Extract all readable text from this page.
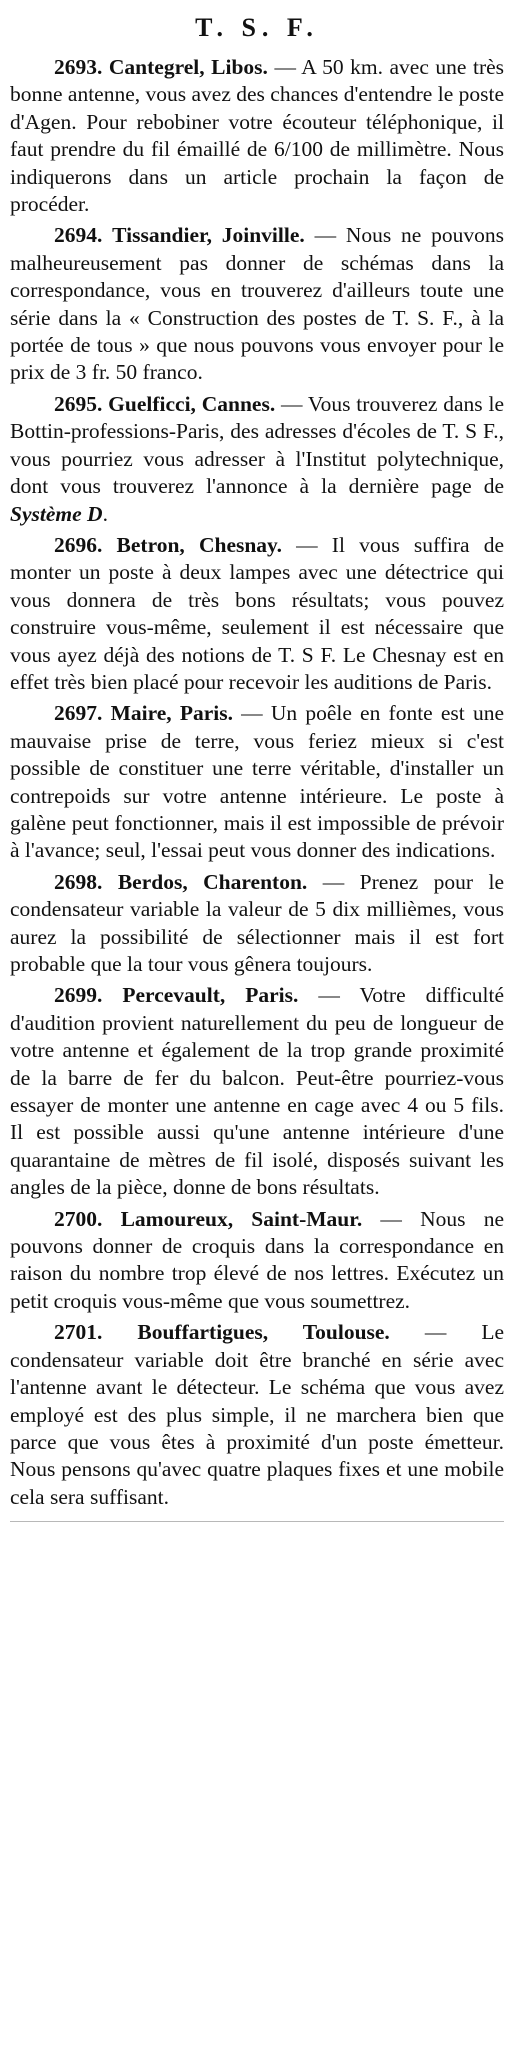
T. S. F.

2693. Cantegrel, Libos. — A 50 km. avec une très bonne antenne, vous avez des chances d'entendre le poste d'Agen. Pour rebobiner votre écouteur téléphonique, il faut prendre du fil émaillé de 6/100 de millimètre. Nous indiquerons dans un article prochain la façon de procéder.

2694. Tissandier, Joinville. — Nous ne pouvons malheureusement pas donner de schémas dans la correspondance, vous en trouverez d'ailleurs toute une série dans la « Construction des postes de T. S. F., à la portée de tous » que nous pouvons vous envoyer pour le prix de 3 fr. 50 franco.

2695. Guelficci, Cannes. — Vous trouverez dans le Bottin-professions-Paris, des adresses d'écoles de T. S F., vous pourriez vous adresser à l'Institut polytechnique, dont vous trouverez l'annonce à la dernière page de Système D.

2696. Betron, Chesnay. — Il vous suffira de monter un poste à deux lampes avec une détectrice qui vous donnera de très bons résultats; vous pouvez construire vous-même, seulement il est nécessaire que vous ayez déjà des notions de T. S F. Le Chesnay est en effet très bien placé pour recevoir les auditions de Paris.

2697. Maire, Paris. — Un poêle en fonte est une mauvaise prise de terre, vous feriez mieux si c'est possible de constituer une terre véritable, d'installer un contrepoids sur votre antenne intérieure. Le poste à galène peut fonctionner, mais il est impossible de prévoir à l'avance; seul, l'essai peut vous donner des indications.

2698. Berdos, Charenton. — Prenez pour le condensateur variable la valeur de 5 dix millièmes, vous aurez la possibilité de sélectionner mais il est fort probable que la tour vous gênera toujours.

2699. Percevault, Paris. — Votre difficulté d'audition provient naturellement du peu de longueur de votre antenne et également de la trop grande proximité de la barre de fer du balcon. Peut-être pourriez-vous essayer de monter une antenne en cage avec 4 ou 5 fils. Il est possible aussi qu'une antenne intérieure d'une quarantaine de mètres de fil isolé, disposés suivant les angles de la pièce, donne de bons résultats.

2700. Lamoureux, Saint-Maur. — Nous ne pouvons donner de croquis dans la correspondance en raison du nombre trop élevé de nos lettres. Exécutez un petit croquis vous-même que vous soumettrez.

2701. Bouffartigues, Toulouse. — Le condensateur variable doit être branché en série avec l'antenne avant le détecteur. Le schéma que vous avez employé est des plus simple, il ne marchera bien que parce que vous êtes à proximité d'un poste émetteur. Nous pensons qu'avec quatre plaques fixes et une mobile cela sera suffisant.
